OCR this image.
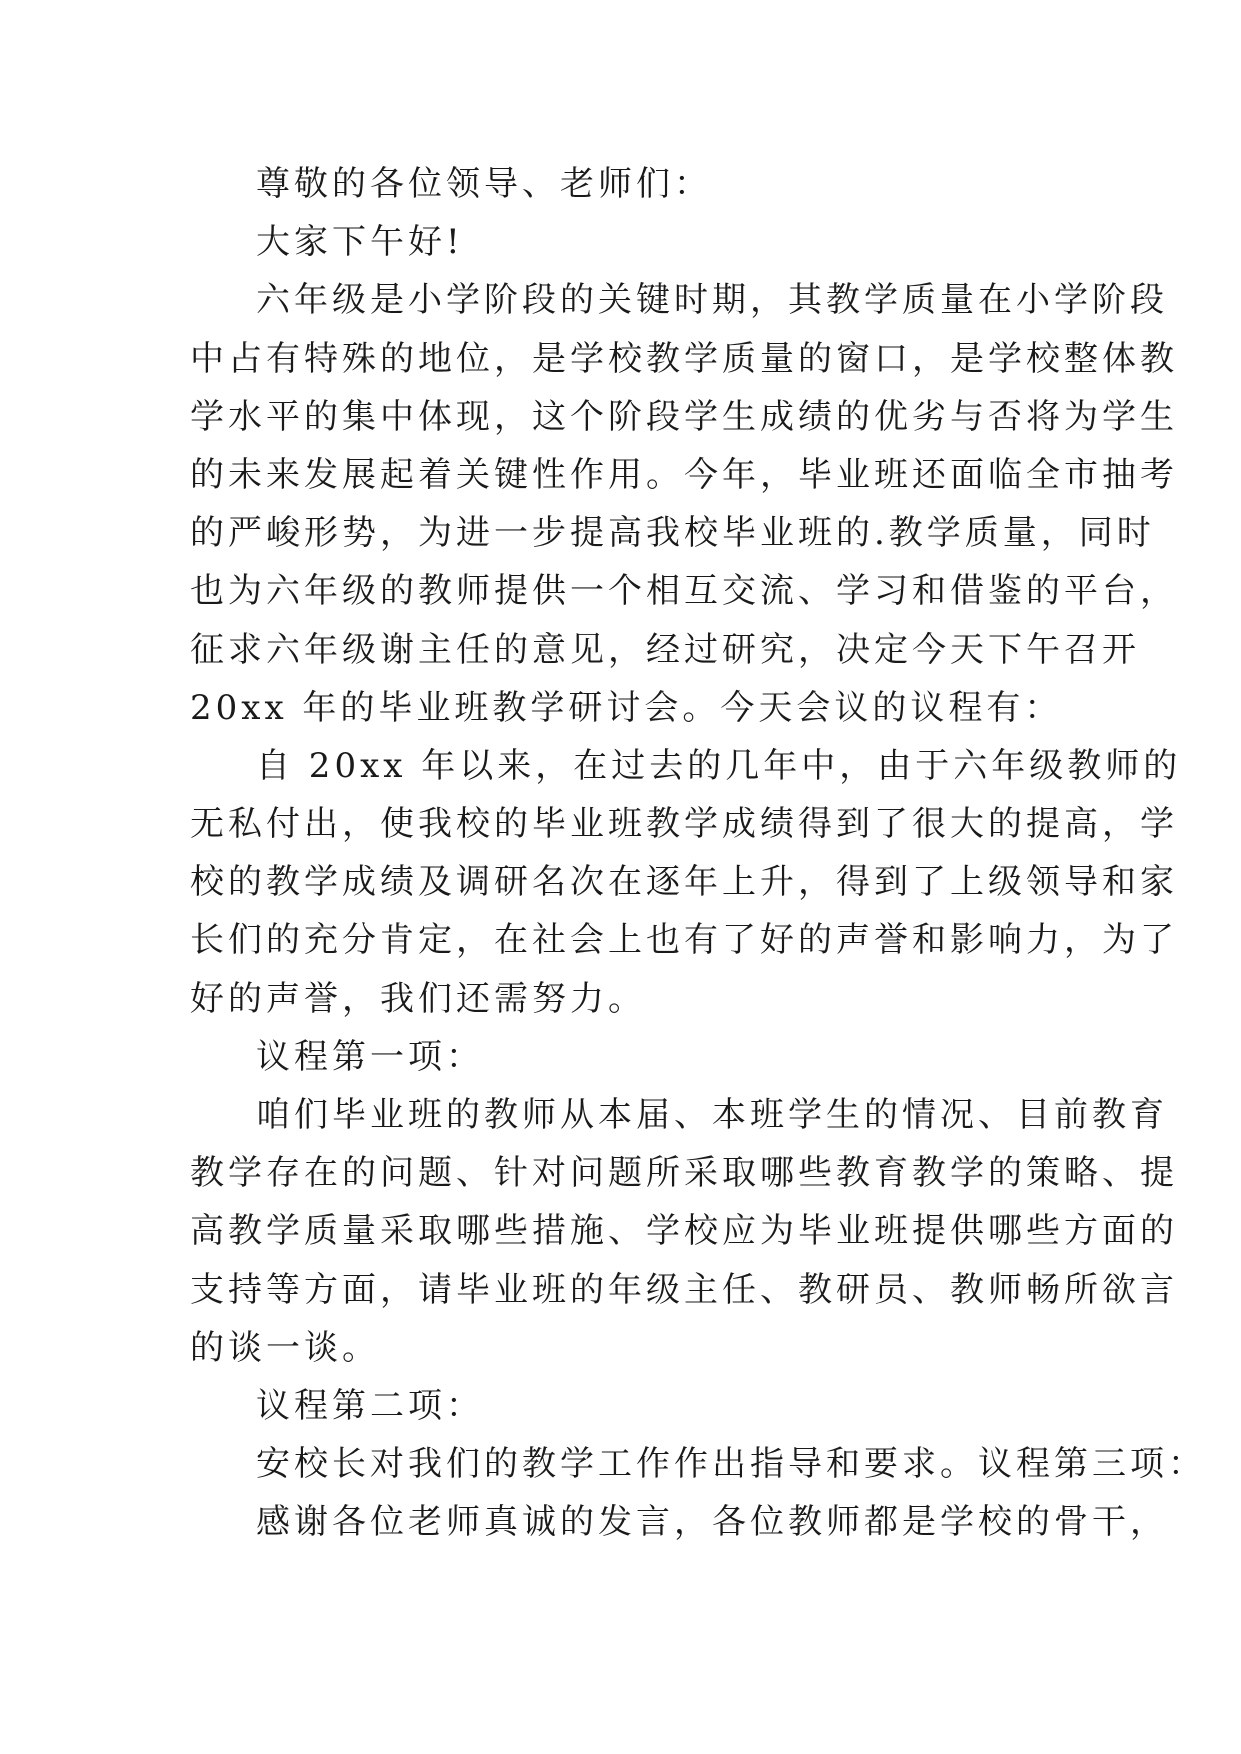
尊敬的各位领导、老师们：
大家下午好!
六年级是小学阶段的关键时期，其教学质量在小学阶段
中占有特殊的地位，是学校教学质量的窗口，是学校整体教
学水平的集中体现，这个阶段学生成绩的优劣与否将为学生
的未来发展起着关键性作用。今年，毕业班还面临全市抽考
的严峻形势，为进一步提高我校毕业班的.教学质量，同时
也为六年级的教师提供一个相互交流、学习和借鉴的平台，
征求六年级谢主任的意见，经过研究，决定今天下午召开
20xx 年的毕业班教学研讨会。今天会议的议程有：
自 20xx 年以来，在过去的几年中，由于六年级教师的
无私付出，使我校的毕业班教学成绩得到了很大的提高，学
校的教学成绩及调研名次在逐年上升，得到了上级领导和家
长们的充分肯定，在社会上也有了好的声誉和影响力，为了
好的声誉，我们还需努力。
议程第一项：
咱们毕业班的教师从本届、本班学生的情况、目前教育
教学存在的问题、针对问题所采取哪些教育教学的策略、提
高教学质量采取哪些措施、学校应为毕业班提供哪些方面的
支持等方面，请毕业班的年级主任、教研员、教师畅所欲言
的谈一谈。
议程第二项：
安校长对我们的教学工作作出指导和要求。议程第三项：
感谢各位老师真诚的发言，各位教师都是学校的骨干，
